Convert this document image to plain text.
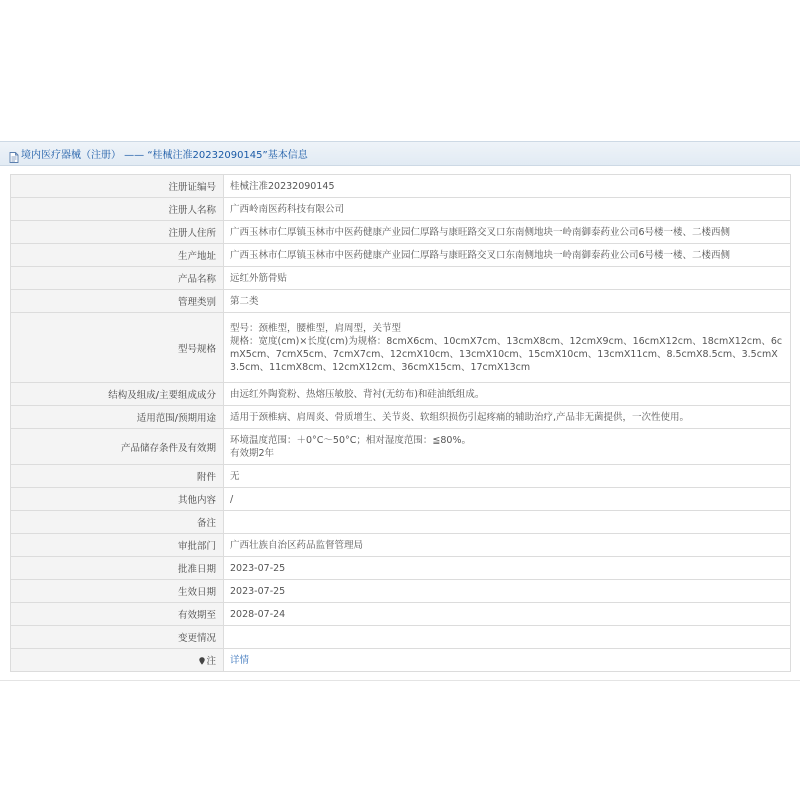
境内医疗器械（注册） —— “桂械注准20232090145”基本信息
注册证编号	桂械注准20232090145
注册人名称	广西岭南医药科技有限公司
注册人住所	广西玉林市仁厚镇玉林市中医药健康产业园仁厚路与康旺路交叉口东南侧地块一岭南御泰药业公司6号楼一楼、二楼西侧
生产地址	广西玉林市仁厚镇玉林市中医药健康产业园仁厚路与康旺路交叉口东南侧地块一岭南御泰药业公司6号楼一楼、二楼西侧
产品名称	远红外筋骨贴
管理类别	第二类
型号规格	型号：颈椎型，腰椎型，肩周型，关节型
规格：宽度(cm)×长度(cm)为规格：8cmX6cm、10cmX7cm、13cmX8cm、12cmX9cm、16cmX12cm、18cmX12cm、6cmX5cm、7cmX5cm、7cmX7cm、12cmX10cm、13cmX10cm、15cmX10cm、13cmX11cm、8.5cmX8.5cm、3.5cmX3.5cm、11cmX8cm、12cmX12cm、36cmX15cm、17cmX13cm

结构及组成/主要组成成分	由远红外陶瓷粉、热熔压敏胶、背衬(无纺布)和硅油纸组成。
适用范围/预期用途	适用于颈椎病、肩周炎、骨质增生、关节炎、软组织损伤引起疼痛的辅助治疗,产品非无菌提供，一次性使用。
产品储存条件及有效期	环境温度范围：＋0°C～50°C；相对湿度范围：≦80%。
有效期2年

附件	无
其他内容	/
备注	
审批部门	广西壮族自治区药品监督管理局
批准日期	2023-07-25
生效日期	2023-07-25
有效期至	2028-07-24
变更情况	
注	详情
